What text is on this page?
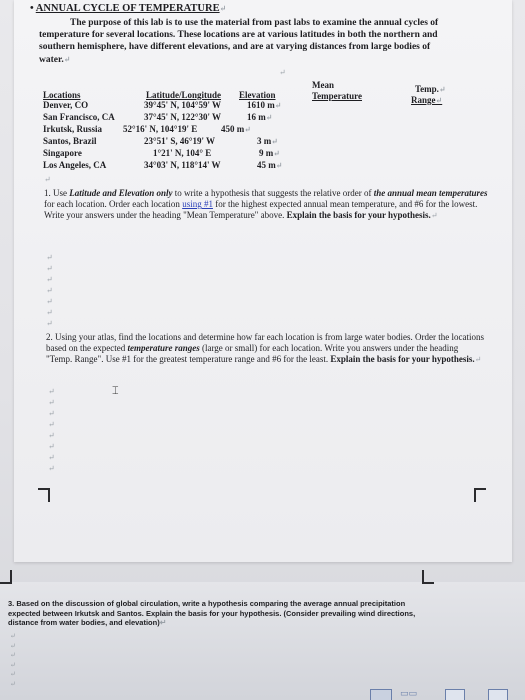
• ANNUAL CYCLE OF TEMPERATURE↵
The purpose of this lab is to use the material from past labs to examine the annual cycles of
temperature for several locations. These locations are at various latitudes in both the northern and
southern hemisphere, have different elevations, and are at varying distances from large bodies of
water.↵
↵
Mean
Temperature
Temp.↵
Range↵
Locations	Latitude/Longitude Elevation
Denver, CO	39°45' N, 104°59' W	1610 m↵
San Francisco, CA	37°45' N, 122°30' W	16 m↵
Irkutsk, Russia 52°16' N, 104°19' E	450 m↵
Santos, Brazil	23°51' S, 46°19' W	3 m↵
Singapore	1°21' N, 104° E	9 m↵
Los Angeles, CA	34°03' N, 118°14' W	45 m↵
↵
1. Use Latitude and Elevation only to write a hypothesis that suggests the relative order of the annual mean temperatures for each location. Order each location using #1 for the highest expected annual mean temperature, and #6 for the lowest. Write your answers under the heading "Mean Temperature" above. Explain the basis for your hypothesis.↵
↵
↵
↵
↵
↵
↵
↵
2. Using your atlas, find the locations and determine how far each location is from large water bodies. Order the locations based on the expected temperature ranges (large or small) for each location. Write you answers under the heading "Temp. Range". Use #1 for the greatest temperature range and #6 for the least. Explain the basis for your hypothesis.↵
⌶
↵
↵
↵
↵
↵
↵
↵
↵
3. Based on the discussion of global circulation, write a hypothesis comparing the average annual precipitation expected between Irkutsk and Santos. Explain the basis for your hypothesis. (Consider prevailing wind directions, distance from water bodies, and elevation)↵
↵
↵
↵
↵
↵
↵
▭▭
